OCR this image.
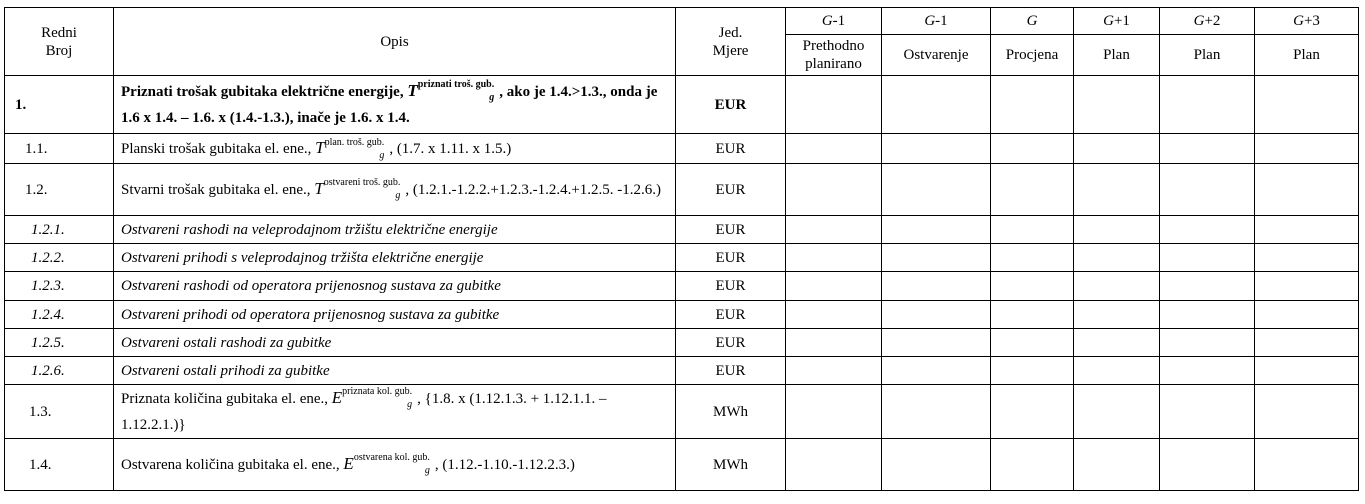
Redni Broj	Opis	Jed. Mjere	G-1	G-1	G	G+1	G+2	G+3

			Prethodno planirano	Ostvarenje	Procjena	Plan	Plan	Plan
1.	Priznati trošak gubitaka električne energije, $T^{priznati troš. gub.}_g$ , ako je 1.4.>1.3., onda je 1.6 x 1.4. – 1.6. x (1.4.-1.3.), inače je 1.6. x 1.4.	EUR						
1.1.	Planski trošak gubitaka el. ene., $T^{plan. troš. gub.}_g$ , (1.7. x 1.11. x 1.5.)	EUR						
1.2.	Stvarni trošak gubitaka el. ene., $T^{ostvareni troš. gub.}_g$ , (1.2.1.-1.2.2.+1.2.3.-1.2.4.+1.2.5. -1.2.6.)	EUR						
1.2.1.	Ostvareni rashodi na veleprodajnom tržištu električne energije	EUR						
1.2.2.	Ostvareni prihodi s veleprodajnog tržišta električne energije	EUR						
1.2.3.	Ostvareni rashodi od operatora prijenosnog sustava za gubitke	EUR						
1.2.4.	Ostvareni prihodi od operatora prijenosnog sustava za gubitke	EUR						
1.2.5.	Ostvareni ostali rashodi za gubitke	EUR						
1.2.6.	Ostvareni ostali prihodi za gubitke	EUR						
1.3.	Priznata količina gubitaka el. ene., $E^{priznata kol. gub.}_g$ , {1.8. x (1.12.1.3. + 1.12.1.1. – 1.12.2.1.)}	MWh						
1.4.	Ostvarena količina gubitaka el. ene., $E^{ostvarena kol. gub.}_g$ , (1.12.-1.10.-1.12.2.3.)	MWh						
